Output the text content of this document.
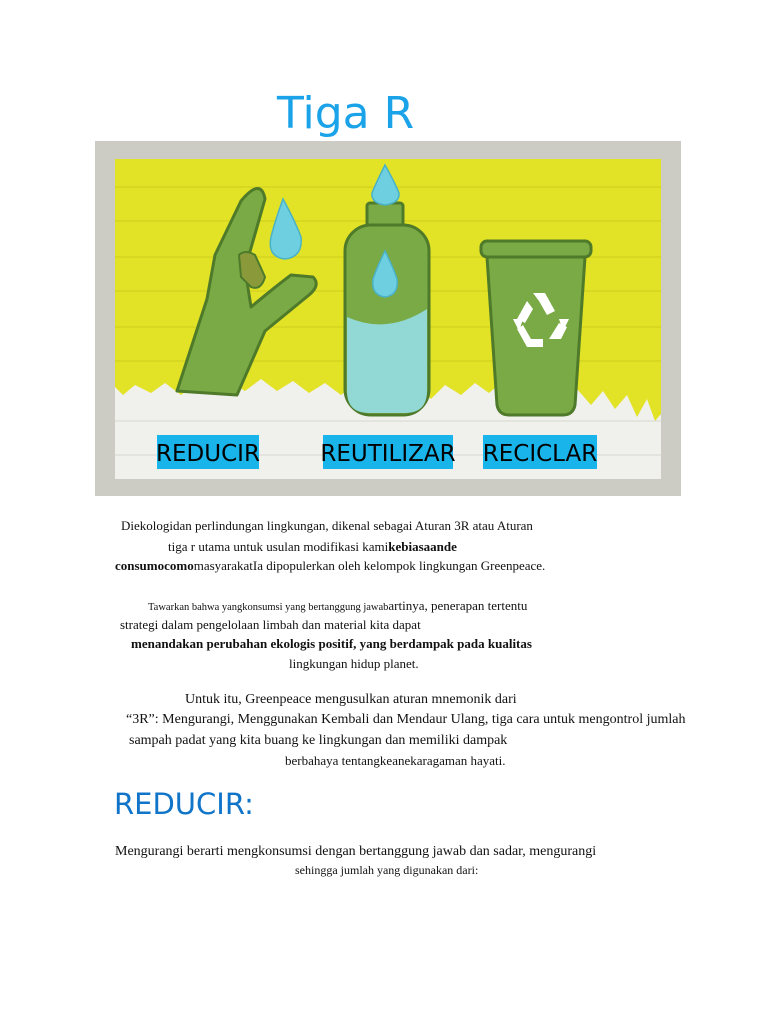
Tiga R
REDUCIR	REUTILIZAR RECICLAR
Diekologidan perlindungan lingkungan, dikenal sebagai Aturan 3R atau Aturan
tiga r utama untuk usulan modifikasi kamikebiasaande
consumocomomasyarakatIa dipopulerkan oleh kelompok lingkungan Greenpeace.
Tawarkan bahwa yangkonsumsi yang bertanggung jawabartinya, penerapan tertentu
strategi dalam pengelolaan limbah dan material kita dapat
menandakan perubahan ekologis positif, yang berdampak pada kualitas
lingkungan hidup planet.
Untuk itu, Greenpeace mengusulkan aturan mnemonik dari
“3R”: Mengurangi, Menggunakan Kembali dan Mendaur Ulang, tiga cara untuk mengontrol jumlah
sampah padat yang kita buang ke lingkungan dan memiliki dampak
berbahaya tentangkeanekaragaman hayati.
REDUCIR:
Mengurangi berarti mengkonsumsi dengan bertanggung jawab dan sadar, mengurangi
sehingga jumlah yang digunakan dari:
